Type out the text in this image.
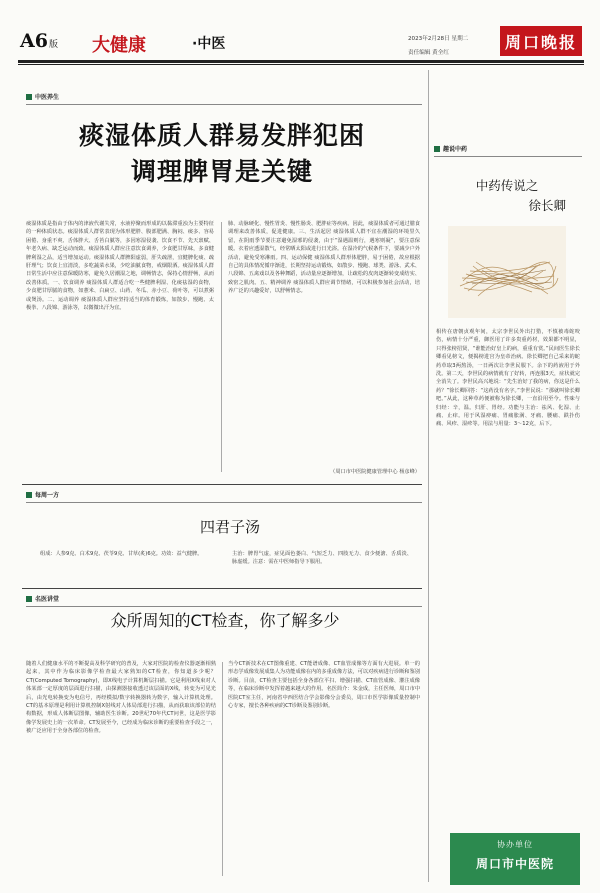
A6版 大健康	·中医	2023年2月28日 星期二
责任编辑 黄全红
周口晚报
中医养生
痰湿体质人群易发胖犯困
调理脾胃是关键
痰湿体质是指由于体内的津液代谢失常，水液停聚而形成的以黏滞重浊为主要特征的一种体质状态。痰湿体质人群常表现为体形肥胖、腹部肥满、胸闷、痰多、容易困倦、身重不爽、舌体胖大、舌苔白腻等，多因寒湿侵袭、饮食不节、先天禀赋、年老久病、缺乏运动而致。痰湿体质人群应注意饮食调养，少食肥甘厚味，多食健脾利湿之品，适当增加运动。痰湿体质人群脾阳虚弱，肝失疏泄，宜健脾化痰、疏肝理气；饮食上宜清淡，多吃蔬菜水果，少吃油腻食物，戒烟限酒。痰湿体质人群日常生活中应注意保暖防寒，避免久居潮湿之地，调畅情志，保持心情舒畅，从而改善体质。一、饮食调养 痰湿体质人群适合吃一些健脾利湿、化痰祛湿的食物，少食肥甘厚腻的食物，如薏米、白扁豆、山药、冬瓜、赤小豆、荷叶等，可以煮粥或煲汤。二、运动调养 痰湿体质人群应坚持适当的体育锻炼，如散步、慢跑、太极拳、八段锦、游泳等，以微微出汗为宜。
肺、动脉硬化、慢性胃炎、慢性肠炎、肥胖症等疾病。因此，痰湿体质者可通过膳食调理来改善体质，促进健康。三、生活起居 痰湿体质人群不宜在潮湿的环境里久留，在阴雨季节要注意避免湿邪的侵袭，由于“湿遇温则行，遇寒则凝”，要注意保暖。衣着应透湿散气，经常晒太阳或进行日光浴。在湿冷的气候条件下，要减少户外活动，避免受寒淋雨。四、运动保健 痰湿体质人群形体肥胖，易于困倦，故应根据自己的具体情况循序渐进，长期坚持运动锻炼，如散步、慢跑、球类、游泳、武术、八段锦、五禽戏以及各种舞蹈，活动量应逐渐增加，让疏松的皮肉逐渐转变成结实、致密之肌肉。五、精神调养 痰湿体质人群应调节情绪，可以积极参加社会活动，培养广泛的兴趣爱好，以舒畅情志。
（周口市中医院健康管理中心 杨彦峰）
趣说中药
中药传说之
徐长卿
相传在唐朝贞观年间，太宗李世民外出打猎，不慎被毒蛇咬伤，病情十分严重，御医用了许多贵重药材，效果都不明显，只得张榜招贤，“谁能治好皇上的病，重重有赏。”民间医生徐长卿看见榜文，便揭榜进宫为皇帝治病。徐长卿把自己采来的蛇药草取3两熬汤，一日两次让李世民服下。余下的药液用于外洗。第二天，李世民的病情就有了好转，再连服3天，症状就完全消失了。李世民高兴地说：“先生治好了我的病，你这是什么药？”徐长卿回答：“这药没有名字。”李世民说：“那就叫徐长卿吧。”从此，这种草药便被称为徐长卿，一直沿用至今。性味与归经：辛，温。归肝、胃经。功能与主治：祛风、化湿、止痛、止痒。用于风湿痹痛、胃痛胀满、牙痛、腰痛、跌扑伤痛、风疹、湿疹等。用法与用量：3～12克，后下。
协办单位
周口市中医院
每周一方
四君子汤
组成：人参9克、白术9克、茯苓9克、甘草(炙)6克。功效：益气健脾。	主治：脾胃气虚，症见面色萎白、气短乏力、四肢无力、食少便溏、舌质淡、脉虚缓。注意：需在中医师指导下服用。
名医讲堂
众所周知的CT检查，你了解多少
随着人们健康水平的不断提高及科学研究的普及，大家对医院的检查仪器逐渐相熟起来，其中作为临床影像学检查最大家熟知的CT检查，你知道多少呢？CT(Computed Tomography)，即X线电子计算机断层扫描。它是利用X线束对人体某部一定厚度的层面进行扫描，由探测器接收透过该层面的X线，转变为可见光后，由光电转换变为电信号，再经模拟/数字转换器转为数字，输入计算机处理。CT的基本原理是利用计算机控制X射线对人体局部进行扫描，从而获取该部位的结构数据，形成人体断层图像，辅助医生诊断。20世纪70年代CT问世，这是医学影像学发展史上的一次革命。CT发展至今，已经成为临床诊断的重要检查手段之一，被广泛应用于全身各部位的检查。
当今CT新技术在CT图像重建、CT能谱成像、CT血管成像等方面有大进展。单一的形态学成像发展成集人为功能成像在内的多重成像方法，可以对疾病进行诊断和鉴别诊断。目前，CT检查主要包括全身各部位平扫、增强扫描、CT血管成像、灌注成像等，在临床诊断中发挥着越来越大的作用。名医简介：朱金成，主任医师，周口市中医院CT室主任，河南省中西医结合学会影像分会委员，周口市医学影像质量控制中心专家，擅长各种疾病的CT诊断及鉴别诊断。
